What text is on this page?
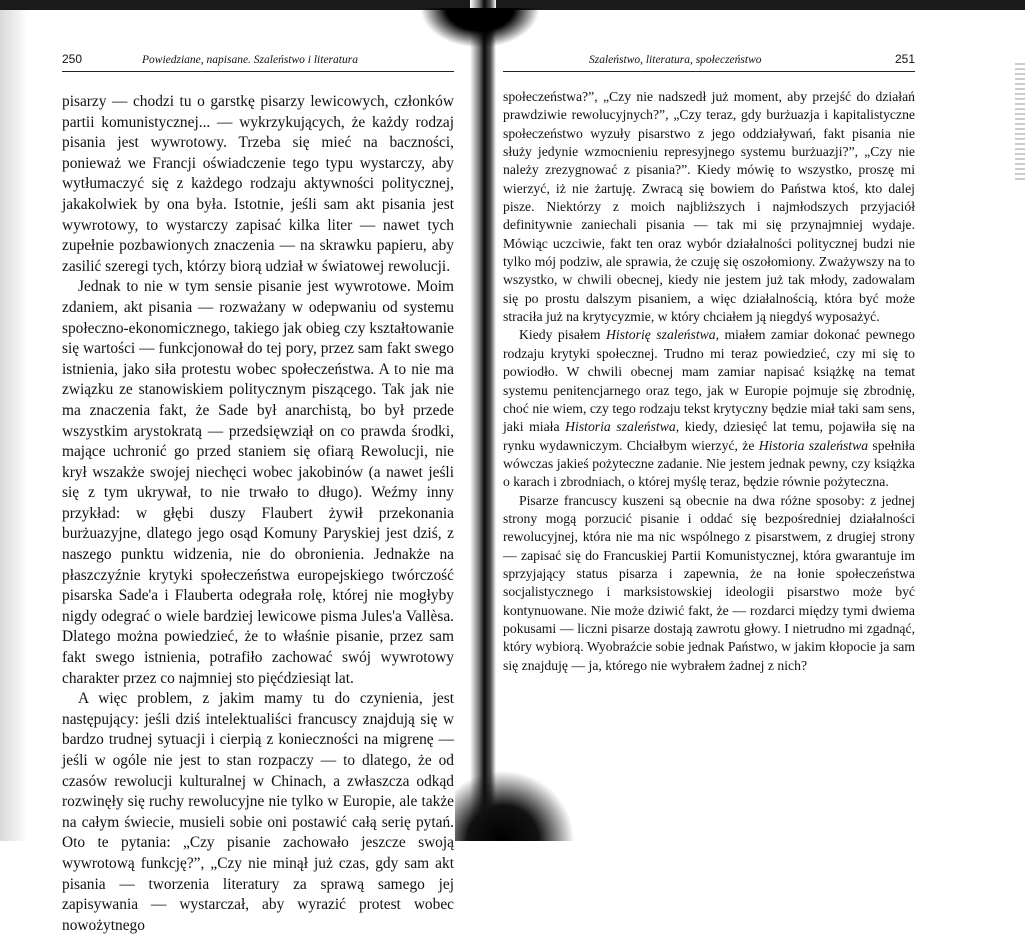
250	Powiedziane, napisane. Szaleństwo i literatura

pisarzy — chodzi tu o garstkę pisarzy lewicowych, członków partii komunistycznej... — wykrzykujących, że każdy rodzaj pisania jest wywrotowy. Trzeba się mieć na baczności, ponieważ we Francji oświadczenie tego typu wystarczy, aby wytłumaczyć się z każdego rodzaju aktywności politycznej, jakakolwiek by ona była. Istotnie, jeśli sam akt pisania jest wywrotowy, to wystarczy zapisać kilka liter — nawet tych zupełnie pozbawionych znaczenia — na skrawku papieru, aby zasilić szeregi tych, którzy biorą udział w światowej rewolucji.

Jednak to nie w tym sensie pisanie jest wywrotowe. Moim zdaniem, akt pisania — rozważany w odерwaniu od systemu społeczno-ekonomicznego, takiego jak obieg czy kształtowanie się wartości — funkcjonował do tej pory, przez sam fakt swego istnienia, jako siła protestu wobec społeczeństwa. A to nie ma związku ze stanowiskiem politycznym piszącego. Tak jak nie ma znaczenia fakt, że Sade był anarchistą, bo był przede wszystkim arystokratą — przedsięwziął on co prawda środki, mające uchronić go przed staniem się ofiarą Rewolucji, nie krył wszakże swojej niechęci wobec jakobinów (a nawet jeśli się z tym ukrywał, to nie trwało to długo). Weźmy inny przykład: w głębi duszy Flaubert żywił przekonania burżuazyjne, dlatego jego osąd Komuny Paryskiej jest dziś, z naszego punktu widzenia, nie do obronienia. Jednakże na płaszczyźnie krytyki społeczeństwa europejskiego twórczość pisarska Sade'a i Flauberta odegrała rolę, której nie mogłyby nigdy odegrać o wiele bardziej lewicowe pisma Jules'a Vallèsa. Dlatego można powiedzieć, że to właśnie pisanie, przez sam fakt swego istnienia, potrafiło zachować swój wywrotowy charakter przez co najmniej sto pięćdziesiąt lat.

A więc problem, z jakim mamy tu do czynienia, jest następujący: jeśli dziś intelektualiści francuscy znajdują się w bardzo trudnej sytuacji i cierpią z konieczności na migrenę — jeśli w ogóle nie jest to stan rozpaczy — to dlatego, że od czasów rewolucji kulturalnej w Chinach, a zwłaszcza odkąd rozwinęły się ruchy rewolucyjne nie tylko w Europie, ale także na całym świecie, musieli sobie oni postawić całą serię pytań. Oto te pytania: „Czy pisanie zachowało jeszcze swoją wywrotową funkcję?”, „Czy nie minął już czas, gdy sam akt pisania — tworzenia literatury za sprawą samego jej zapisywania — wystarczał, aby wyrazić protest wobec nowożytnego

Szaleństwo, literatura, społeczeństwo	251

społeczeństwa?”, „Czy nie nadszedł już moment, aby przejść do działań prawdziwie rewolucyjnych?”, „Czy teraz, gdy burżuazja i kapitalistyczne społeczeństwo wyzuły pisarstwo z jego oddziaływań, fakt pisania nie służy jedynie wzmocnieniu represyjnego systemu burżuazji?”, „Czy nie należy zrezygnować z pisania?”. Kiedy mówię to wszystko, proszę mi wierzyć, iż nie żartuję. Zwracą się bowiem do Państwa ktoś, kto dalej pisze. Niektórzy z moich najbliższych i najmłodszych przyjaciół definitywnie zaniechali pisania — tak mi się przynajmniej wydaje. Mówiąc uczciwie, fakt ten oraz wybór działalności politycznej budzi nie tylko mój podziw, ale sprawia, że czuję się oszołomiony. Zważywszy na to wszystko, w chwili obecnej, kiedy nie jestem już tak młody, zadowalam się po prostu dalszym pisaniem, a więc działalnością, która być może straciła już na krytycyzmie, w który chciałem ją niegdyś wyposażyć.

Kiedy pisałem Historię szaleństwa, miałem zamiar dokonać pewnego rodzaju krytyki społecznej. Trudno mi teraz powiedzieć, czy mi się to powiodło. W chwili obecnej mam zamiar napisać książkę na temat systemu penitencjarnego oraz tego, jak w Europie pojmuje się zbrodnię, choć nie wiem, czy tego rodzaju tekst krytyczny będzie miał taki sam sens, jaki miała Historia szaleństwa, kiedy, dziesięć lat temu, pojawiła się na rynku wydawniczym. Chciałbym wierzyć, że Historia szaleństwa spełniła wówczas jakieś pożyteczne zadanie. Nie jestem jednak pewny, czy książka o karach i zbrodniach, o której myślę teraz, będzie równie pożyteczna.

Pisarze francuscy kuszeni są obecnie na dwa różne sposoby: z jednej strony mogą porzucić pisanie i oddać się bezpośredniej działalności rewolucyjnej, która nie ma nic wspólnego z pisarstwem, z drugiej strony — zapisać się do Francuskiej Partii Komunistycznej, która gwarantuje im sprzyjający status pisarza i zapewnia, że na łonie społeczeństwa socjalistycznego i marksistowskiej ideologii pisarstwo może być kontynuowane. Nie może dziwić fakt, że — rozdarci między tymi dwiema pokusami — liczni pisarze dostają zawrotu głowy. I nietrudno mi zgadnąć, który wybiorą. Wyobraźcie sobie jednak Państwo, w jakim kłopocie ja sam się znajduję — ja, którego nie wybrałem żadnej z nich?
